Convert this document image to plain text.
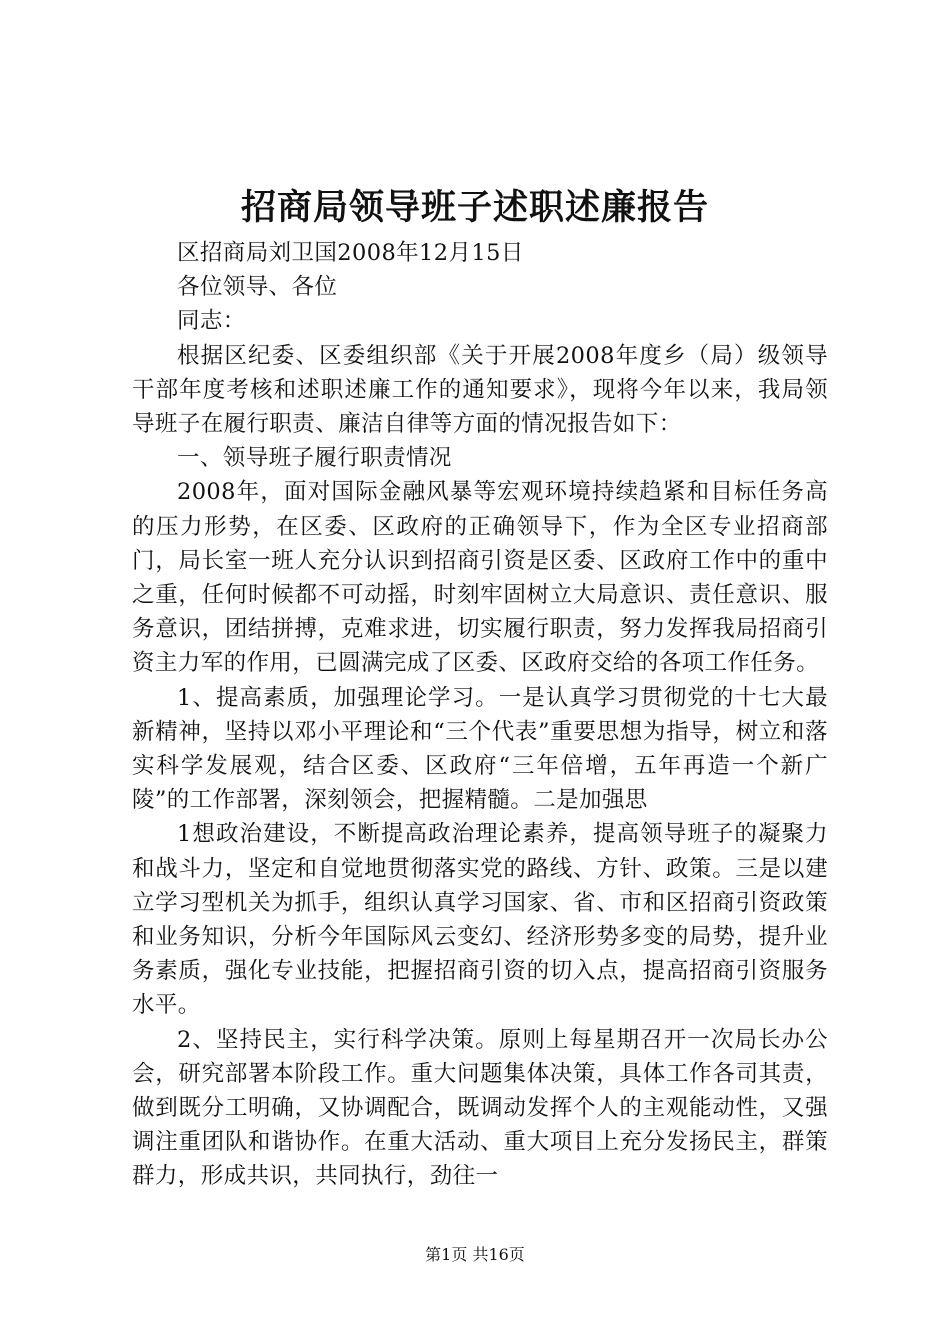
招商局领导班子述职述廉报告

区招商局刘卫国2008年12月15日

各位领导、各位

同志：

根据区纪委、区委组织部《关于开展2008年度乡（局）级领导干部年度考核和述职述廉工作的通知要求》，现将今年以来，我局领导班子在履行职责、廉洁自律等方面的情况报告如下：

一、领导班子履行职责情况

2008年，面对国际金融风暴等宏观环境持续趋紧和目标任务高的压力形势，在区委、区政府的正确领导下，作为全区专业招商部门，局长室一班人充分认识到招商引资是区委、区政府工作中的重中之重，任何时候都不可动摇，时刻牢固树立大局意识、责任意识、服务意识，团结拼搏，克难求进，切实履行职责，努力发挥我局招商引资主力军的作用，已圆满完成了区委、区政府交给的各项工作任务。

1、提高素质，加强理论学习。一是认真学习贯彻党的十七大最新精神，坚持以邓小平理论和“三个代表”重要思想为指导，树立和落实科学发展观，结合区委、区政府“三年倍增，五年再造一个新广陵”的工作部署，深刻领会，把握精髓。二是加强思

1想政治建设，不断提高政治理论素养，提高领导班子的凝聚力和战斗力，坚定和自觉地贯彻落实党的路线、方针、政策。三是以建立学习型机关为抓手，组织认真学习国家、省、市和区招商引资政策和业务知识，分析今年国际风云变幻、经济形势多变的局势，提升业务素质，强化专业技能，把握招商引资的切入点，提高招商引资服务水平。

2、坚持民主，实行科学决策。原则上每星期召开一次局长办公会，研究部署本阶段工作。重大问题集体决策，具体工作各司其责，做到既分工明确，又协调配合，既调动发挥个人的主观能动性，又强调注重团队和谐协作。在重大活动、重大项目上充分发扬民主，群策群力，形成共识，共同执行，劲往一

第1页 共16页
